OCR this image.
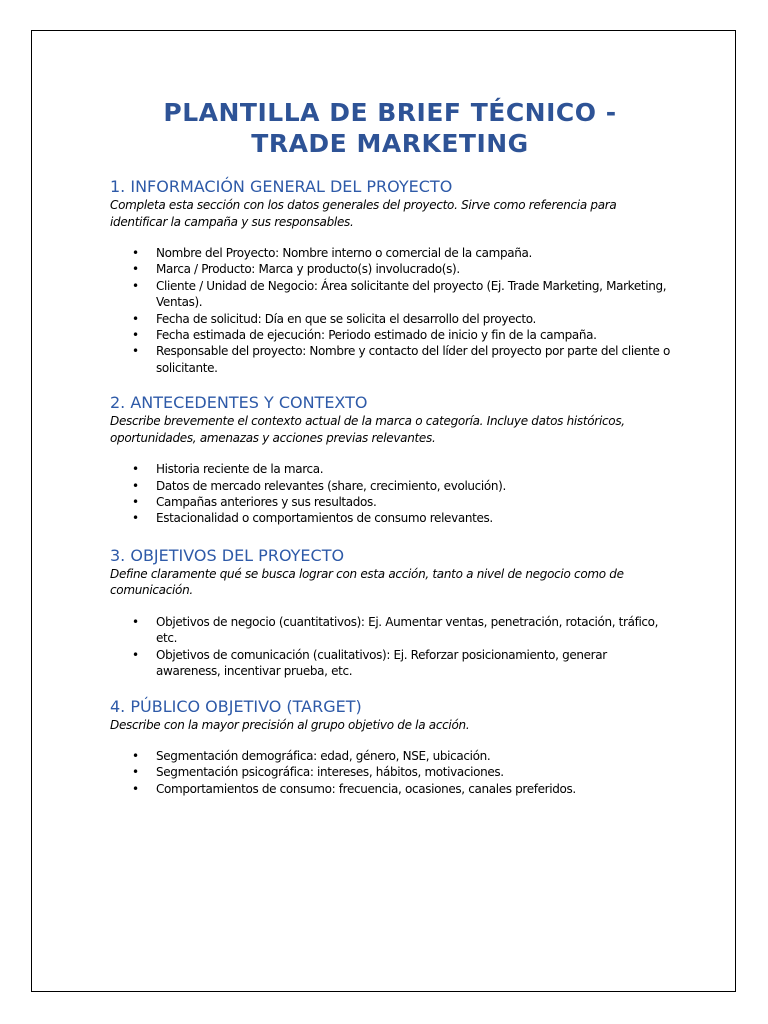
PLANTILLA DE BRIEF TÉCNICO -
TRADE MARKETING
1. INFORMACIÓN GENERAL DEL PROYECTO

Completa esta sección con los datos generales del proyecto. Sirve como referencia para identificar la campaña y sus responsables.

• Nombre del Proyecto: Nombre interno o comercial de la campaña.
• Marca / Producto: Marca y producto(s) involucrado(s).
• Cliente / Unidad de Negocio: Área solicitante del proyecto (Ej. Trade Marketing, Marketing, Ventas).
• Fecha de solicitud: Día en que se solicita el desarrollo del proyecto.
• Fecha estimada de ejecución: Periodo estimado de inicio y fin de la campaña.
• Responsable del proyecto: Nombre y contacto del líder del proyecto por parte del cliente o solicitante.
2. ANTECEDENTES Y CONTEXTO

Describe brevemente el contexto actual de la marca o categoría. Incluye datos históricos, oportunidades, amenazas y acciones previas relevantes.

• Historia reciente de la marca.
• Datos de mercado relevantes (share, crecimiento, evolución).
• Campañas anteriores y sus resultados.
• Estacionalidad o comportamientos de consumo relevantes.
3. OBJETIVOS DEL PROYECTO

Define claramente qué se busca lograr con esta acción, tanto a nivel de negocio como de comunicación.

• Objetivos de negocio (cuantitativos): Ej. Aumentar ventas, penetración, rotación, tráfico, etc.
• Objetivos de comunicación (cualitativos): Ej. Reforzar posicionamiento, generar awareness, incentivar prueba, etc.
4. PÚBLICO OBJETIVO (TARGET)

Describe con la mayor precisión al grupo objetivo de la acción.

• Segmentación demográfica: edad, género, NSE, ubicación.
• Segmentación psicográfica: intereses, hábitos, motivaciones.
• Comportamientos de consumo: frecuencia, ocasiones, canales preferidos.
